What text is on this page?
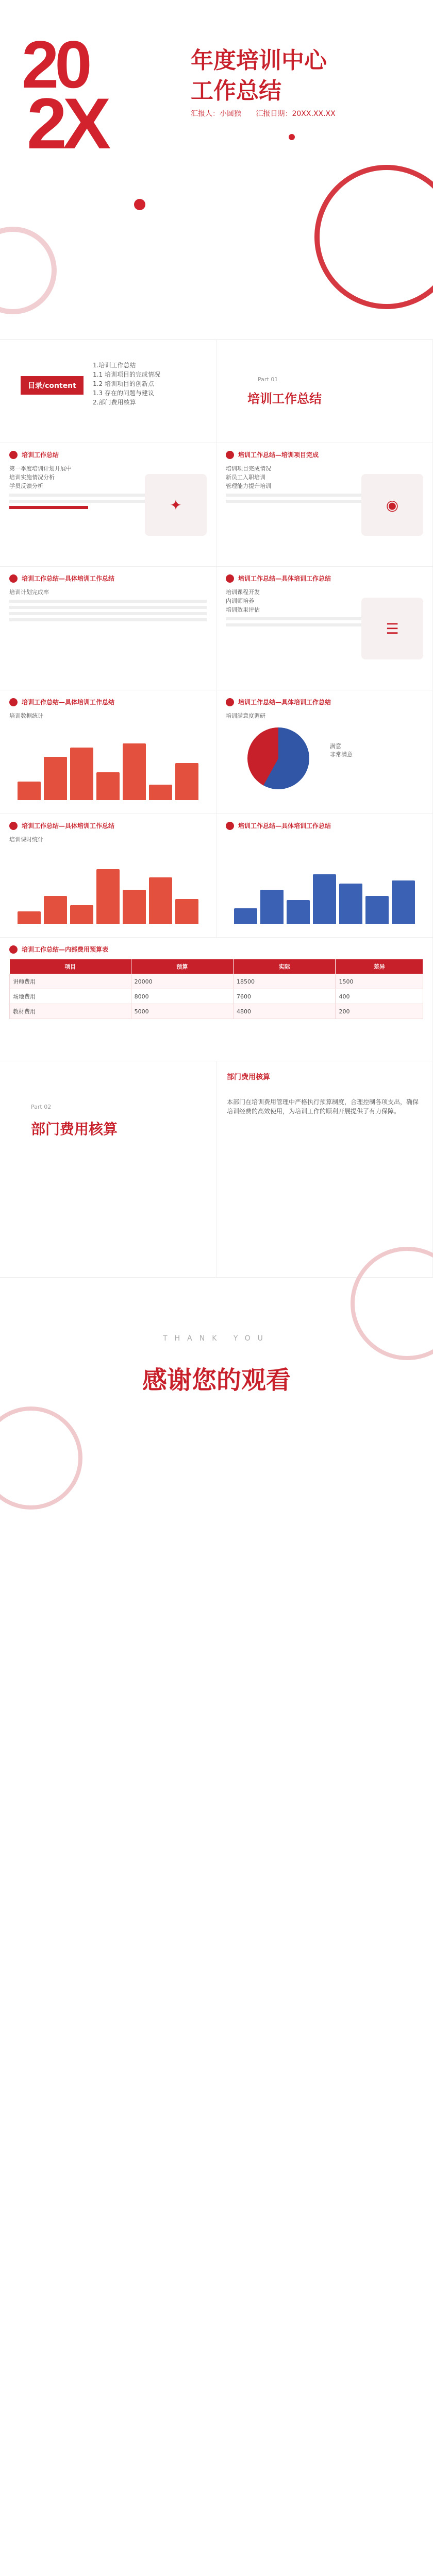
20
2X
年度培训中心
工作总结
汇报人：小圆猴 汇报日期：20XX.XX.XX
目录/content
1.培训工作总结
1.1 培训项目的完成情况
1.2 培训项目的创新点
1.3 存在的问题与建议
2.部门费用核算
Part 01
培训工作总结
培训工作总结
第一季度培训计划开展中
培训实施情况分析
学员反馈分析
✦
培训工作总结—培训项目完成
培训项目完成情况
新员工入职培训
管理能力提升培训
◉
培训工作总结—具体培训工作总结
培训计划完成率
培训工作总结—具体培训工作总结
培训课程开发
内训师培养
培训效果评估
☰
培训工作总结—具体培训工作总结
培训数据统计
培训工作总结—具体培训工作总结
培训满意度调研
满意
非常满意
培训工作总结—具体培训工作总结
培训课时统计
培训工作总结—具体培训工作总结
培训工作总结—内部费用预算表
项目	预算	实际	差异
讲师费用	20000	18500	1500
场地费用	8000	7600	400
教材费用	5000	4800	200
Part 02
部门费用核算
部门费用核算
本部门在培训费用管理中严格执行预算制度，合理控制各项支出，确保培训经费的高效使用，为培训工作的顺利开展提供了有力保障。
THANK YOU
感谢您的观看
